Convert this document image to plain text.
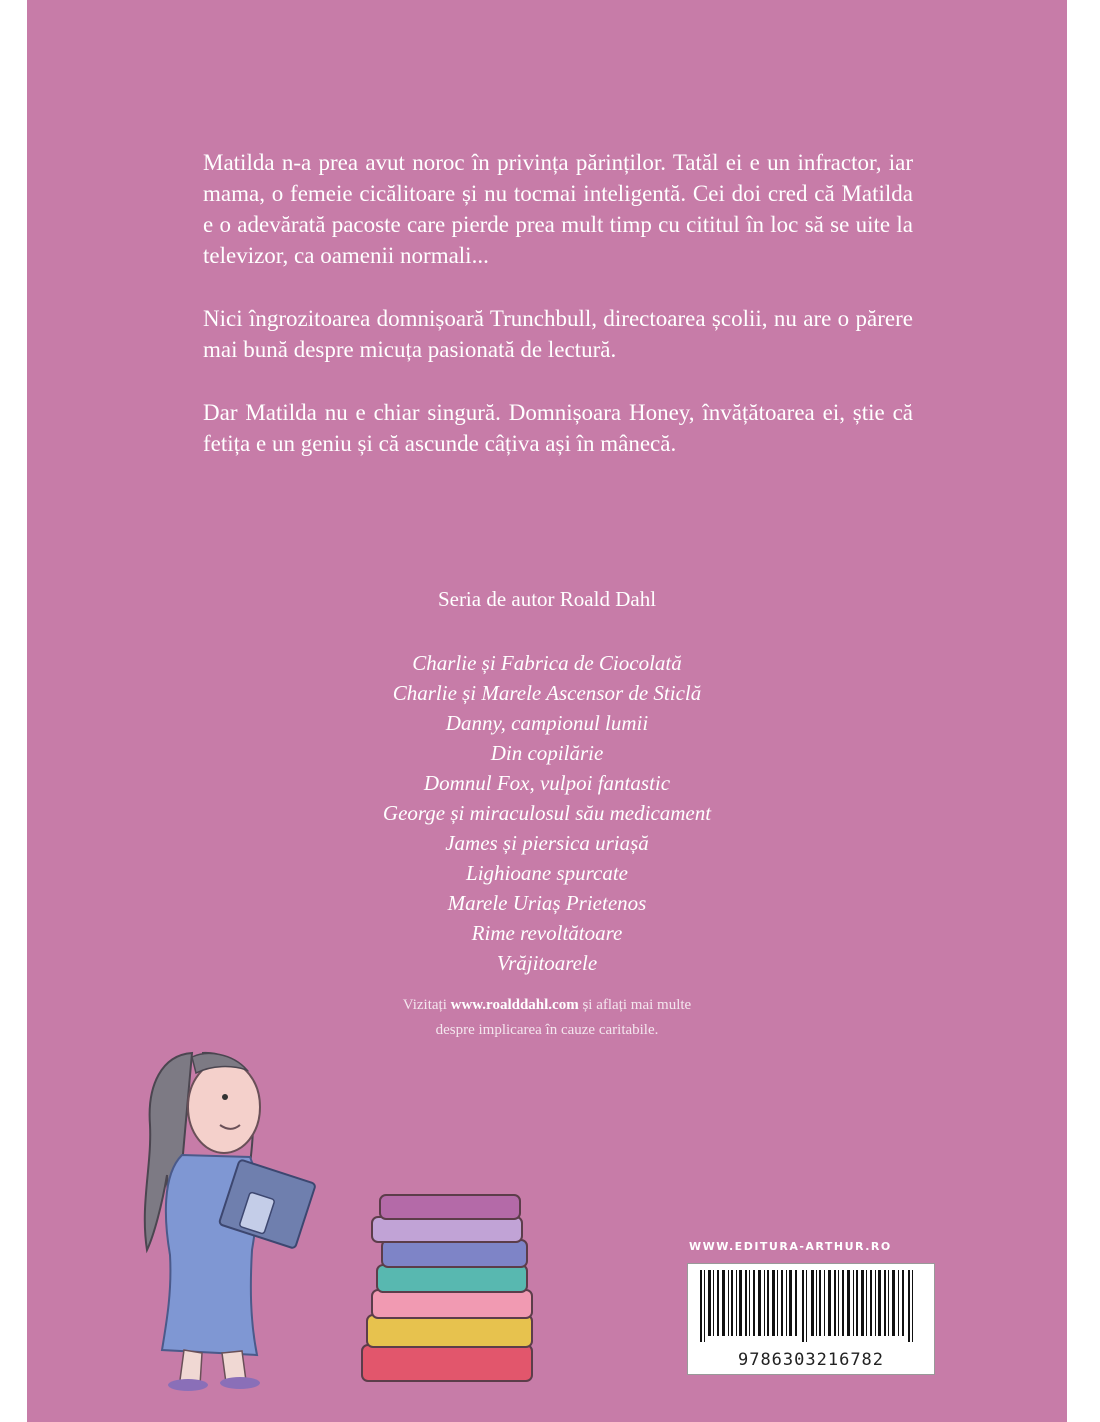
Matilda n-a prea avut noroc în privința părinților. Tatăl ei e un infractor, iar mama, o femeie cicălitoare și nu tocmai inteligentă. Cei doi cred că Matilda e o adevărată pacoste care pierde prea mult timp cu cititul în loc să se uite la televizor, ca oamenii normali...

Nici îngrozitoarea domnișoară Trunchbull, directoarea școlii, nu are o părere mai bună despre micuța pasionată de lectură.

Dar Matilda nu e chiar singură. Domnișoara Honey, învățătoarea ei, știe că fetița e un geniu și că ascunde câțiva ași în mânecă.

Seria de autor Roald Dahl
Charlie și Fabrica de Ciocolată
Charlie și Marele Ascensor de Sticlă
Danny, campionul lumii
Din copilărie
Domnul Fox, vulpoi fantastic
George și miraculosul său medicament
James și piersica uriașă
Lighioane spurcate
Marele Uriaș Prietenos
Rime revoltătoare
Vrăjitoarele
Vizitați www.roalddahl.com și aflați mai multe
despre implicarea în cauze caritabile.
WWW.EDITURA-ARTHUR.RO
9786303216782
